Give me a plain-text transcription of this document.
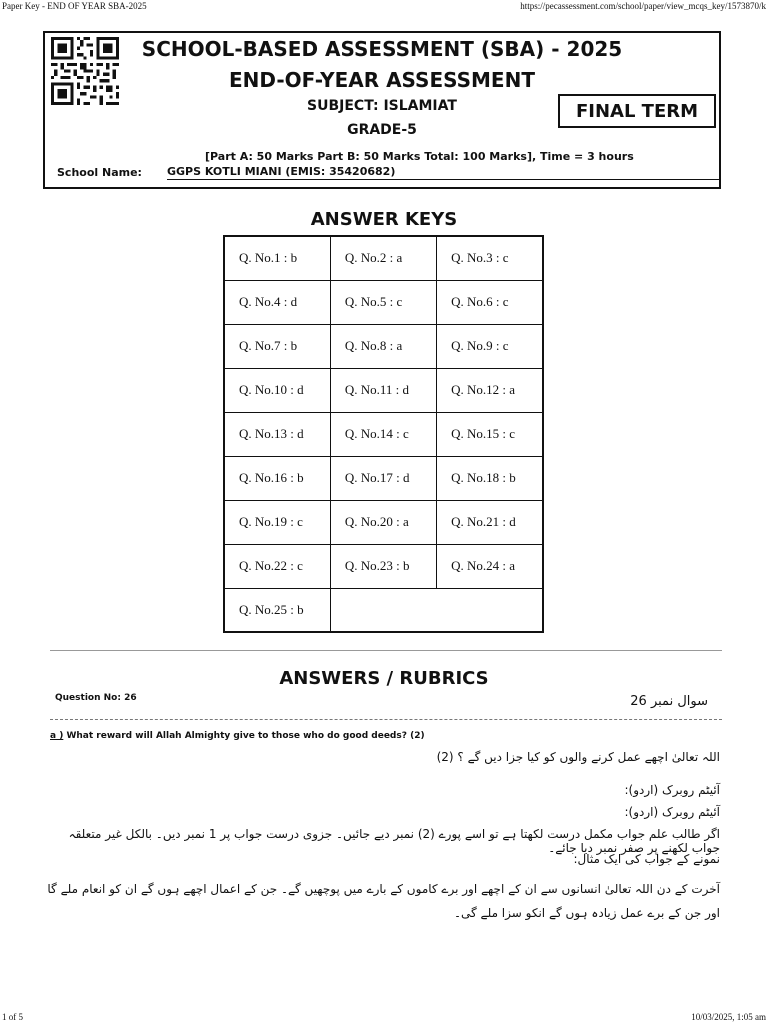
Paper Key - END OF YEAR SBA-2025	https://pecassessment.com/school/paper/view_mcqs_key/1573870/k
SCHOOL-BASED ASSESSMENT (SBA) - 2025
END-OF-YEAR ASSESSMENT
SUBJECT: ISLAMIAT
GRADE-5
FINAL TERM
[Part A: 50 Marks Part B: 50 Marks Total: 100 Marks], Time = 3 hours
School Name: GGPS KOTLI MIANI (EMIS: 35420682)
ANSWER KEYS
Q. No.1 : b	Q. No.2 : a	Q. No.3 : c
Q. No.4 : d	Q. No.5 : c	Q. No.6 : c
Q. No.7 : b	Q. No.8 : a	Q. No.9 : c
Q. No.10 : d	Q. No.11 : d	Q. No.12 : a
Q. No.13 : d	Q. No.14 : c	Q. No.15 : c
Q. No.16 : b	Q. No.17 : d	Q. No.18 : b
Q. No.19 : c	Q. No.20 : a	Q. No.21 : d
Q. No.22 : c	Q. No.23 : b	Q. No.24 : a
Q. No.25 : b		
ANSWERS / RUBRICS
Question No: 26	سوال نمبر 26
a ) What reward will Allah Almighty give to those who do good deeds? (2)
اللہ تعالیٰ اچھے عمل کرنے والوں کو کیا جزا دیں گے ؟ (2)
آئیٹم روبرک (اردو):
آئیٹم روبرک (اردو):
اگر طالب علم جواب مکمل درست لکھتا ہے تو اسے پورے (2) نمبر دیے جائیں۔ جزوی درست جواب پر 1 نمبر دیں۔ بالکل غیر متعلقہ جواب لکھنے پر صفر نمبر دیا جائے۔
نمونے کے جواب کی ایک مثال:
آخرت کے دن اللہ تعالیٰ انسانوں سے ان کے اچھے اور برے کاموں کے بارے میں پوچھیں گے۔ جن کے اعمال اچھے ہوں گے ان کو انعام ملے گا اور جن کے برے عمل زیادہ ہوں گے انکو سزا ملے گی۔
1 of 5	10/03/2025, 1:05 am
